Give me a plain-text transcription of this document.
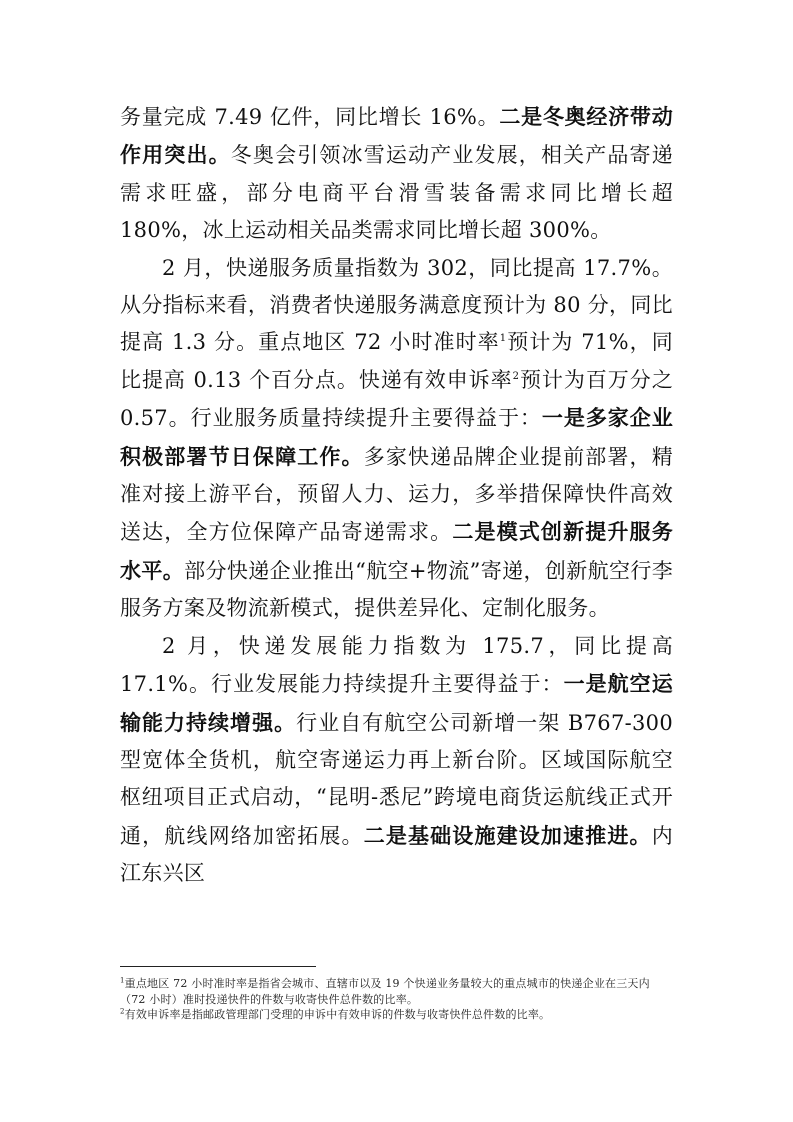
务量完成 7.49 亿件，同比增长 16%。二是冬奥经济带动作用突出。冬奥会引领冰雪运动产业发展，相关产品寄递需求旺盛，部分电商平台滑雪装备需求同比增长超 180%，冰上运动相关品类需求同比增长超 300%。

2 月，快递服务质量指数为 302，同比提高 17.7%。从分指标来看，消费者快递服务满意度预计为 80 分，同比提高 1.3 分。重点地区 72 小时准时率$^1$预计为 71%，同比提高 0.13 个百分点。快递有效申诉率$^2$预计为百万分之 0.57。行业服务质量持续提升主要得益于：一是多家企业积极部署节日保障工作。多家快递品牌企业提前部署，精准对接上游平台，预留人力、运力，多举措保障快件高效送达，全方位保障产品寄递需求。二是模式创新提升服务水平。部分快递企业推出“航空+物流”寄递，创新航空行李服务方案及物流新模式，提供差异化、定制化服务。

2 月，快递发展能力指数为 175.7，同比提高 17.1%。行业发展能力持续提升主要得益于：一是航空运输能力持续增强。行业自有航空公司新增一架 B767-300 型宽体全货机，航空寄递运力再上新台阶。区域国际航空枢纽项目正式启动，“昆明-悉尼”跨境电商货运航线正式开通，航线网络加密拓展。二是基础设施建设加速推进。内江东兴区

$^1$重点地区 72 小时准时率是指省会城市、直辖市以及 19 个快递业务量较大的重点城市的快递企业在三天内（72 小时）准时投递快件的件数与收寄快件总件数的比率。

$^2$有效申诉率是指邮政管理部门受理的申诉中有效申诉的件数与收寄快件总件数的比率。
